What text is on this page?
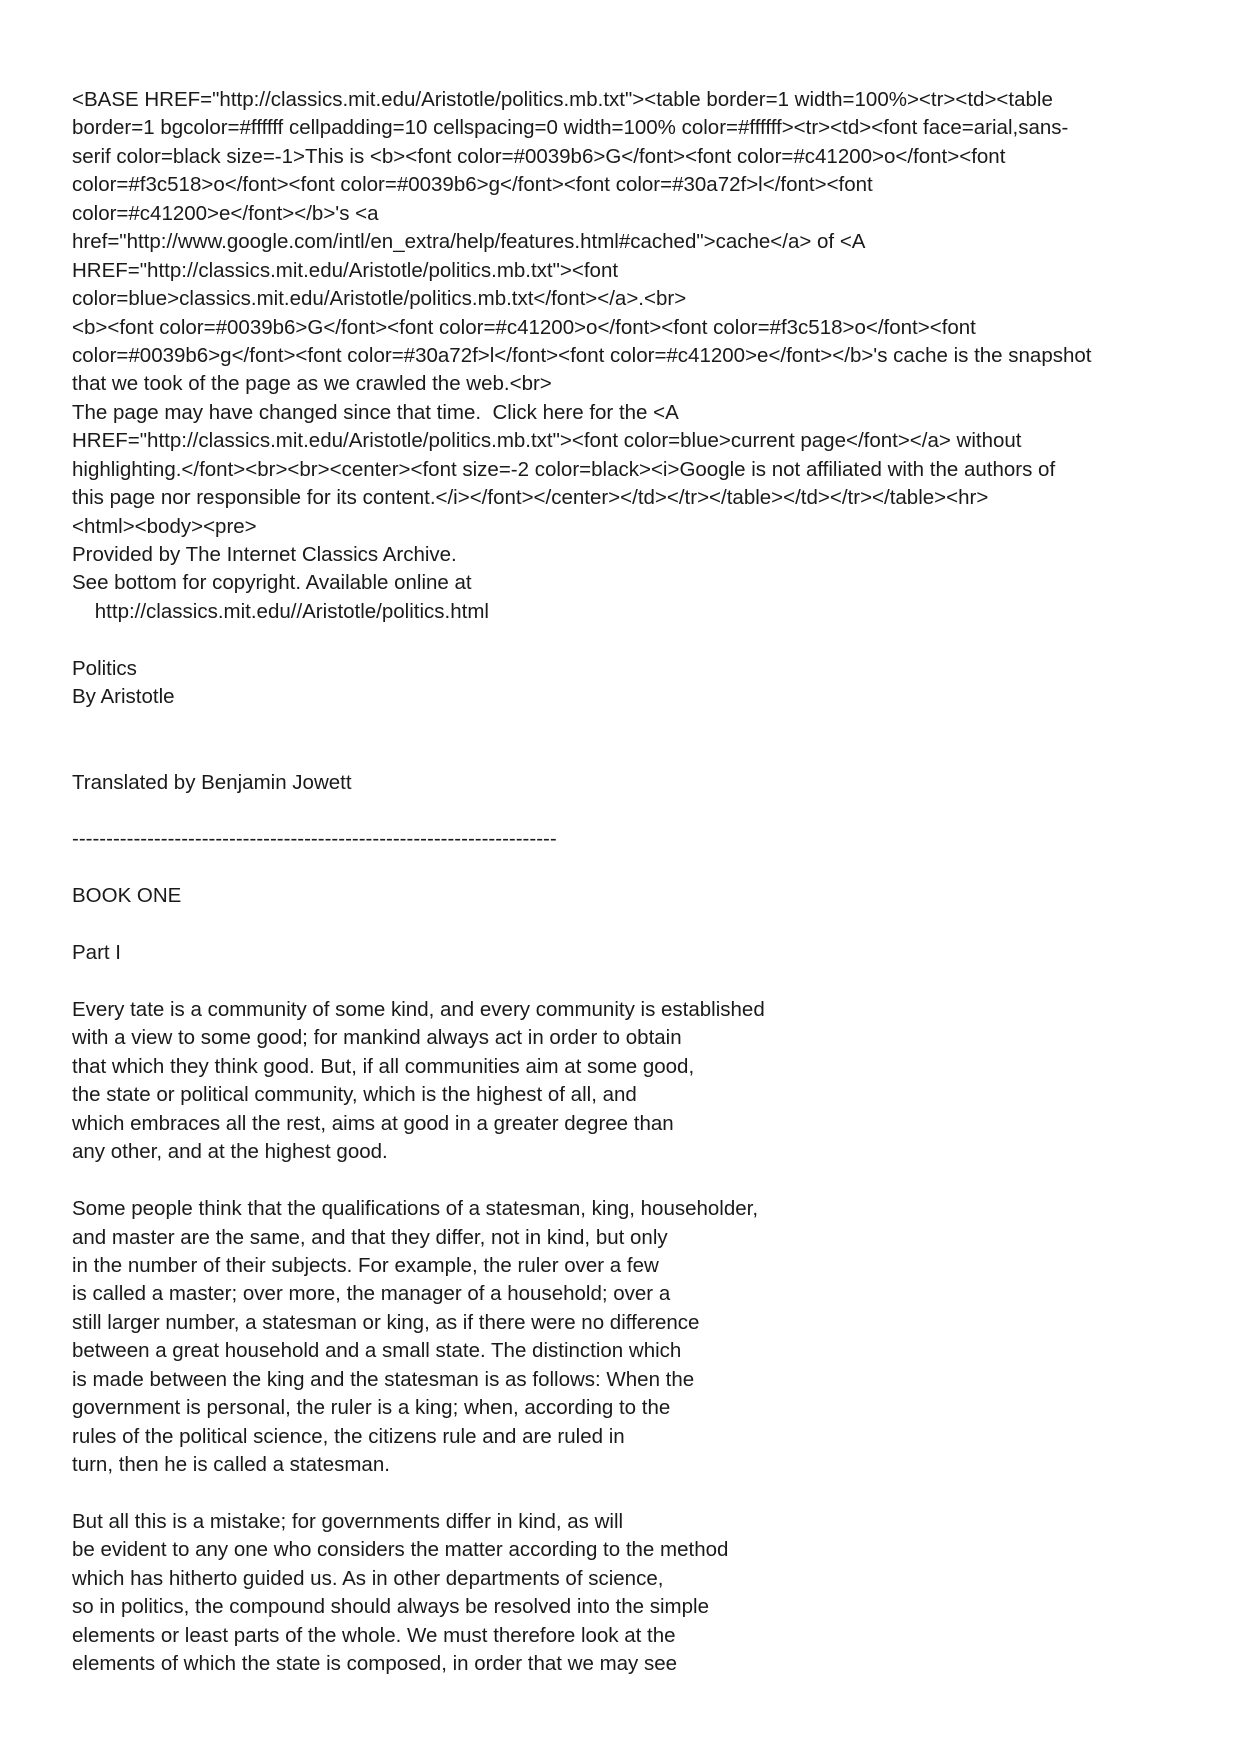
<BASE HREF="http://classics.mit.edu/Aristotle/politics.mb.txt"><table border=1 width=100%><tr><td><table
border=1 bgcolor=#ffffff cellpadding=10 cellspacing=0 width=100% color=#ffffff><tr><td><font face=arial,sans-
serif color=black size=-1>This is <b><font color=#0039b6>G</font><font color=#c41200>o</font><font
color=#f3c518>o</font><font color=#0039b6>g</font><font color=#30a72f>l</font><font
color=#c41200>e</font></b>'s <a
href="http://www.google.com/intl/en_extra/help/features.html#cached">cache</a> of <A
HREF="http://classics.mit.edu/Aristotle/politics.mb.txt"><font
color=blue>classics.mit.edu/Aristotle/politics.mb.txt</font></a>.<br>
<b><font color=#0039b6>G</font><font color=#c41200>o</font><font color=#f3c518>o</font><font
color=#0039b6>g</font><font color=#30a72f>l</font><font color=#c41200>e</font></b>'s cache is the snapshot
that we took of the page as we crawled the web.<br>
The page may have changed since that time.  Click here for the <A
HREF="http://classics.mit.edu/Aristotle/politics.mb.txt"><font color=blue>current page</font></a> without
highlighting.</font><br><br><center><font size=-2 color=black><i>Google is not affiliated with the authors of
this page nor responsible for its content.</i></font></center></td></tr></table></td></tr></table><hr>
<html><body><pre>
Provided by The Internet Classics Archive.
See bottom for copyright. Available online at
http://classics.mit.edu//Aristotle/politics.html
Politics
By Aristotle
Translated by Benjamin Jowett
-----------------------------------------------------------------------
BOOK ONE
Part I
Every tate is a community of some kind, and every community is established
with a view to some good; for mankind always act in order to obtain
that which they think good. But, if all communities aim at some good,
the state or political community, which is the highest of all, and
which embraces all the rest, aims at good in a greater degree than
any other, and at the highest good.
Some people think that the qualifications of a statesman, king, householder,
and master are the same, and that they differ, not in kind, but only
in the number of their subjects. For example, the ruler over a few
is called a master; over more, the manager of a household; over a
still larger number, a statesman or king, as if there were no difference
between a great household and a small state. The distinction which
is made between the king and the statesman is as follows: When the
government is personal, the ruler is a king; when, according to the
rules of the political science, the citizens rule and are ruled in
turn, then he is called a statesman.
But all this is a mistake; for governments differ in kind, as will
be evident to any one who considers the matter according to the method
which has hitherto guided us. As in other departments of science,
so in politics, the compound should always be resolved into the simple
elements or least parts of the whole. We must therefore look at the
elements of which the state is composed, in order that we may see
